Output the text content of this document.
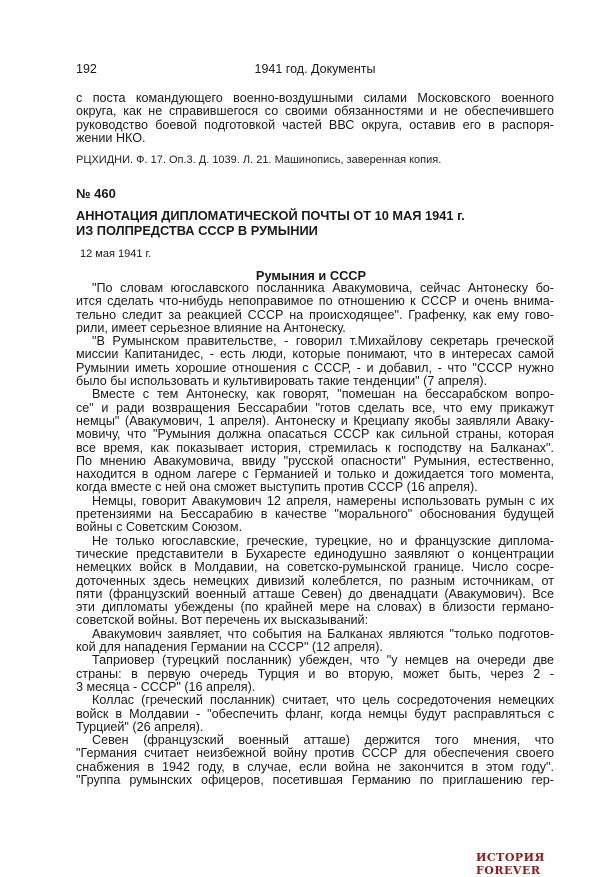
192	1941 год. Документы
с поста командующего военно-воздушными силами Московского военного
округа, как не справившегося со своими обязанностями и не обеспечившего
руководство боевой подготовкой частей ВВС округа, оставив его в распоря-
жении НКО.
РЦХИДНИ. Ф. 17. Оп.3. Д. 1039. Л. 21. Машинопись, заверенная копия.
№ 460
АННОТАЦИЯ ДИПЛОМАТИЧЕСКОЙ ПОЧТЫ ОТ 10 МАЯ 1941 г.
ИЗ ПОЛПРЕДСТВА СССР В РУМЫНИИ
12 мая 1941 г.
Румыния и СССР
"По словам югославского посланника Авакумовича, сейчас Антонеску бо-
ится сделать что-нибудь непоправимое по отношению к СССР и очень внима-
тельно следит за реакцией СССР на происходящее". Графенку, как ему гово-
рили, имеет серьезное влияние на Антонеску.
"В Румынском правительстве, - говорил т.Михайлову секретарь греческой
миссии Капитанидес, - есть люди, которые понимают, что в интересах самой
Румынии иметь хорошие отношения с СССР, - и добавил, - что "СССР нужно
было бы использовать и культивировать такие тенденции" (7 апреля).
Вместе с тем Антонеску, как говорят, "помешан на бессарабском вопро-
се" и ради возвращения Бессарабии "готов сделать все, что ему прикажут
немцы" (Авакумович, 1 апреля). Антонеску и Крециапу якобы заявляли Аваку-
мовичу, что "Румыния должна опасаться СССР как сильной страны, которая
все время, как показывает история, стремилась к господству на Балканах".
По мнению Авакумовича, ввиду "русской опасности" Румыния, естественно,
находится в одном лагере с Германией и только и дожидается того момента,
когда вместе с ней она сможет выступить против СССР (16 апреля).
Немцы, говорит Авакумович 12 апреля, намерены использовать румын с их
претензиями на Бессарабию в качестве "морального" обоснования будущей
войны с Советским Союзом.
Не только югославские, греческие, турецкие, но и французские диплома-
тические представители в Бухаресте единодушно заявляют о концентрации
немецких войск в Молдавии, на советско-румынской границе. Число сосре-
доточенных здесь немецких дивизий колеблется, по разным источникам, от
пяти (французский военный атташе Севен) до двенадцати (Авакумович). Все
эти дипломаты убеждены (по крайней мере на словах) в близости германо-
советской войны. Вот перечень их высказываний:
Авакумович заявляет, что события на Балканах являются "только подготов-
кой для нападения Германии на СССР" (12 апреля).
Таприовер (турецкий посланник) убежден, что "у немцев на очереди две
страны: в первую очередь Турция и во вторую, может быть, через 2 -
3 месяца - СССР" (16 апреля).
Коллас (греческий посланник) считает, что цель сосредоточения немецких
войск в Молдавии - "обеспечить фланг, когда немцы будут расправляться с
Турцией" (26 апреля).
Севен (французский военный атташе) держится того мнения, что
"Германия считает неизбежной войну против СССР для обеспечения своего
снабжения в 1942 году, в случае, если война не закончится в этом году".
"Группа румынских офицеров, посетившая Германию по приглашению гер-
ИСТОРИЯ FOREVER
